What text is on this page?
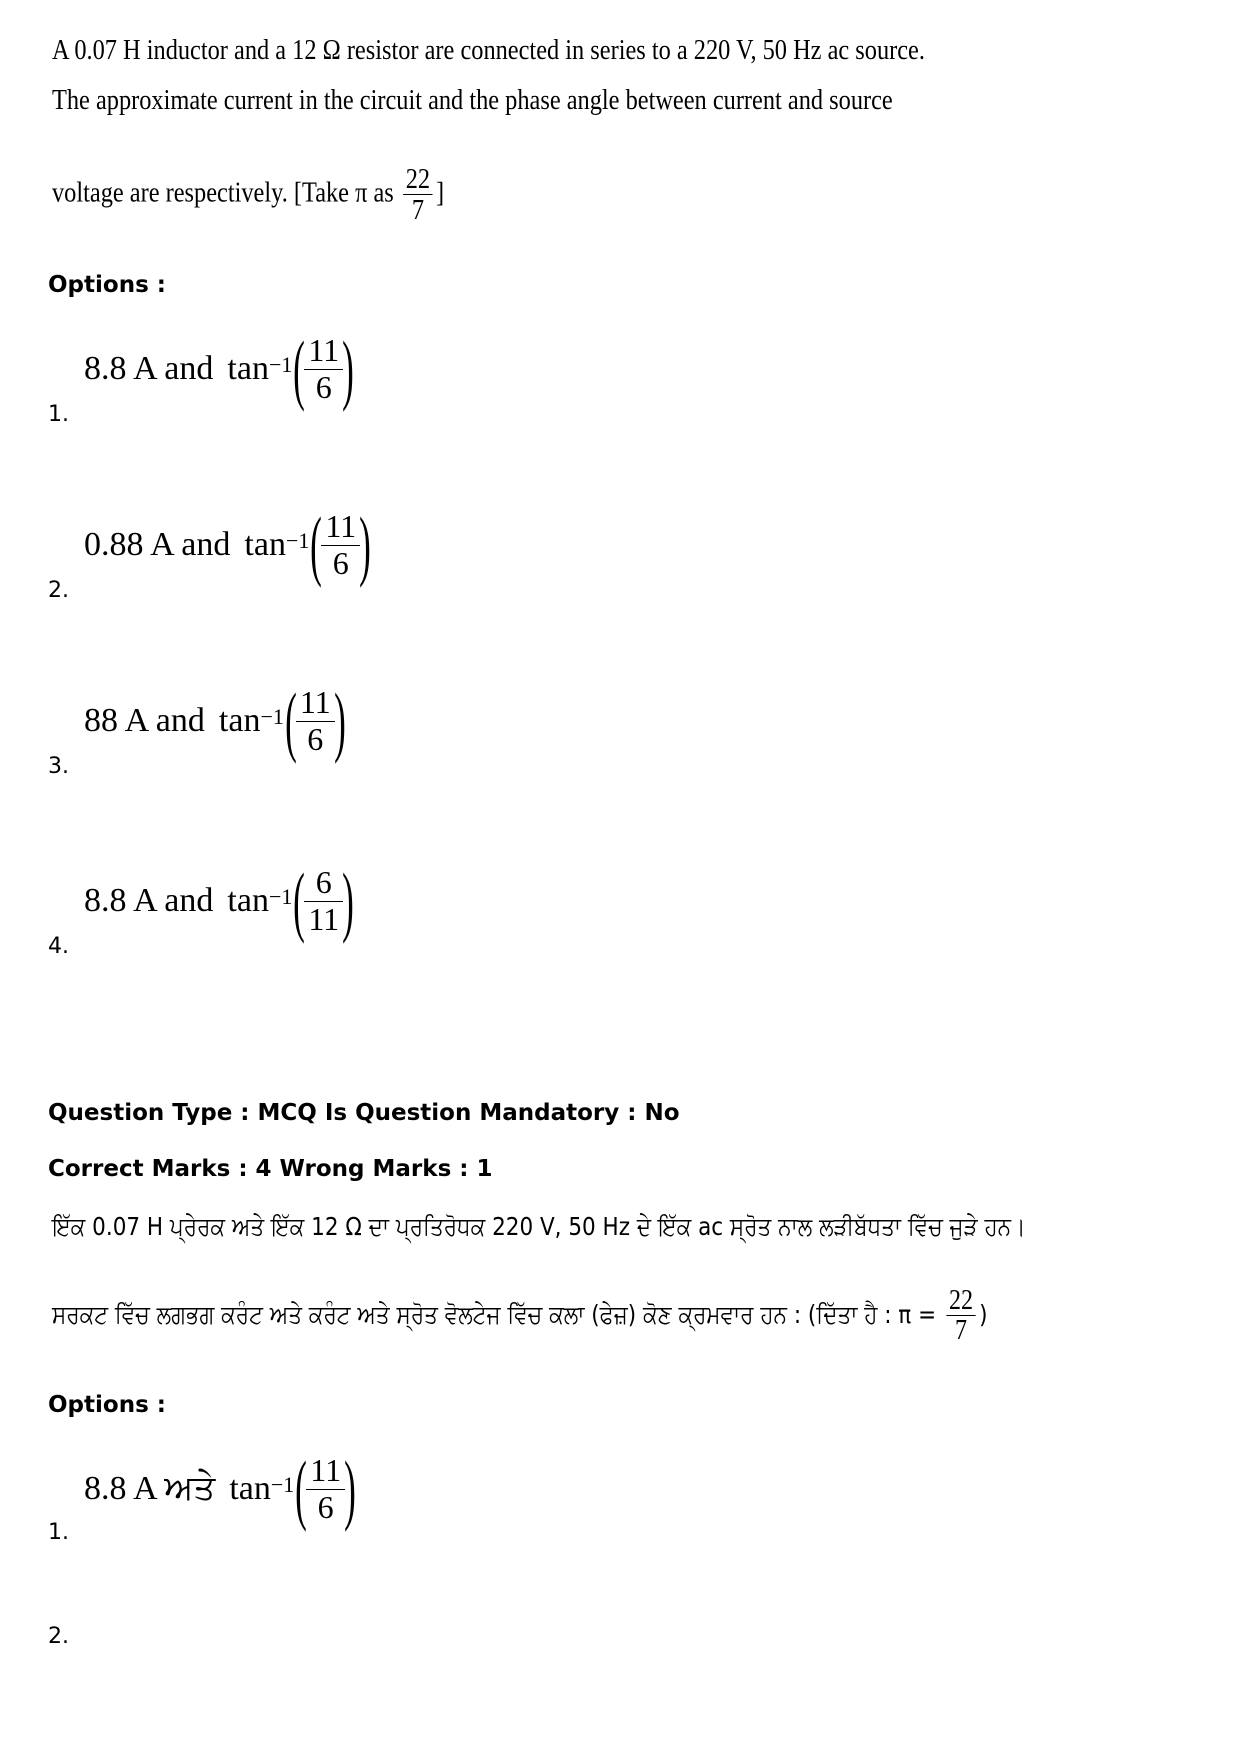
A 0.07 H inductor and a 12 Ω resistor are connected in series to a 220 V, 50 Hz ac source.
The approximate current in the circuit and the phase angle between current and source
voltage are respectively. [Take π as $\frac{22}{7}$ ]
Options :
8.8 A and $\tan^{-1}$ ( $\frac{11}{6}$ )
1.
0.88 A and $\tan^{-1}$ ( $\frac{11}{6}$ )
2.
88 A and $\tan^{-1}$ ( $\frac{11}{6}$ )
3.
8.8 A and $\tan^{-1}$ ( $\frac{6}{11}$ )
4.
Question Type : MCQ Is Question Mandatory : No
Correct Marks : 4 Wrong Marks : 1
ਇੱਕ 0.07 H ਪ੍ਰੇਰਕ ਅਤੇ ਇੱਕ 12 Ω ਦਾ ਪ੍ਰਤਿਰੋਧਕ 220 V, 50 Hz ਦੇ ਇੱਕ ac ਸ੍ਰੋਤ ਨਾਲ ਲੜੀਬੱਧਤਾ ਵਿੱਚ ਜੁੜੇ ਹਨ।
ਸਰਕਟ ਵਿੱਚ ਲਗਭਗ ਕਰੰਟ ਅਤੇ ਕਰੰਟ ਅਤੇ ਸ੍ਰੋਤ ਵੋਲਟੇਜ ਵਿੱਚ ਕਲਾ (ਫੇਜ਼) ਕੋਣ ਕ੍ਰਮਵਾਰ ਹਨ : (ਦਿੱਤਾ ਹੈ : $\pi = \frac{22}{7}$ )
Options :
8.8 A ਅਤੇ $\tan^{-1}$ ( $\frac{11}{6}$ )
1.
2.
